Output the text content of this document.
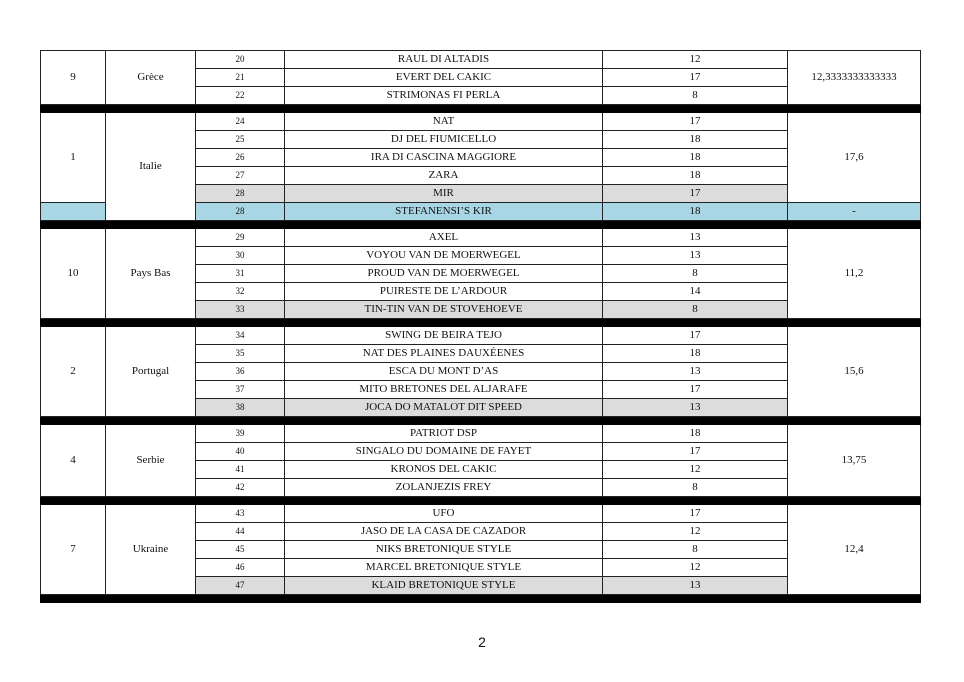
9	Grèce	20	RAUL DI ALTADIS	12	12,3333333333333
		21	EVERT DEL CAKIC	17	
		22	STRIMONAS FI PERLA	8	

1	Italie	24	NAT	17	17,6
		25	DJ DEL FIUMICELLO	18	
		26	IRA DI CASCINA MAGGIORE	18	
		27	ZARA	18	
		28	MIR	17	
		28	STEFANENSI’S KIR	18	-

10	Pays Bas	29	AXEL	13	11,2
		30	VOYOU VAN DE MOERWEGEL	13	
		31	PROUD VAN DE MOERWEGEL	8	
		32	PUIRESTE DE L’ARDOUR	14	
		33	TIN-TIN VAN DE STOVEHOEVE	8	

2	Portugal	34	SWING DE BEIRA TEJO	17	15,6
		35	NAT DES PLAINES DAUXÉENES	18	
		36	ESCA DU MONT D’AS	13	
		37	MITO BRETONES DEL ALJARAFE	17	
		38	JOCA DO MATALOT DIT SPEED	13	

4	Serbie	39	PATRIOT DSP	18	13,75
		40	SINGALO DU DOMAINE DE FAYET	17	
		41	KRONOS DEL CAKIC	12	
		42	ZOLANJEZIS FREY	8	

7	Ukraine	43	UFO	17	12,4
		44	JASO DE LA CASA DE CAZADOR	12	
		45	NIKS BRETONIQUE STYLE	8	
		46	MARCEL BRETONIQUE STYLE	12	
		47	KLAID BRETONIQUE STYLE	13	

2
